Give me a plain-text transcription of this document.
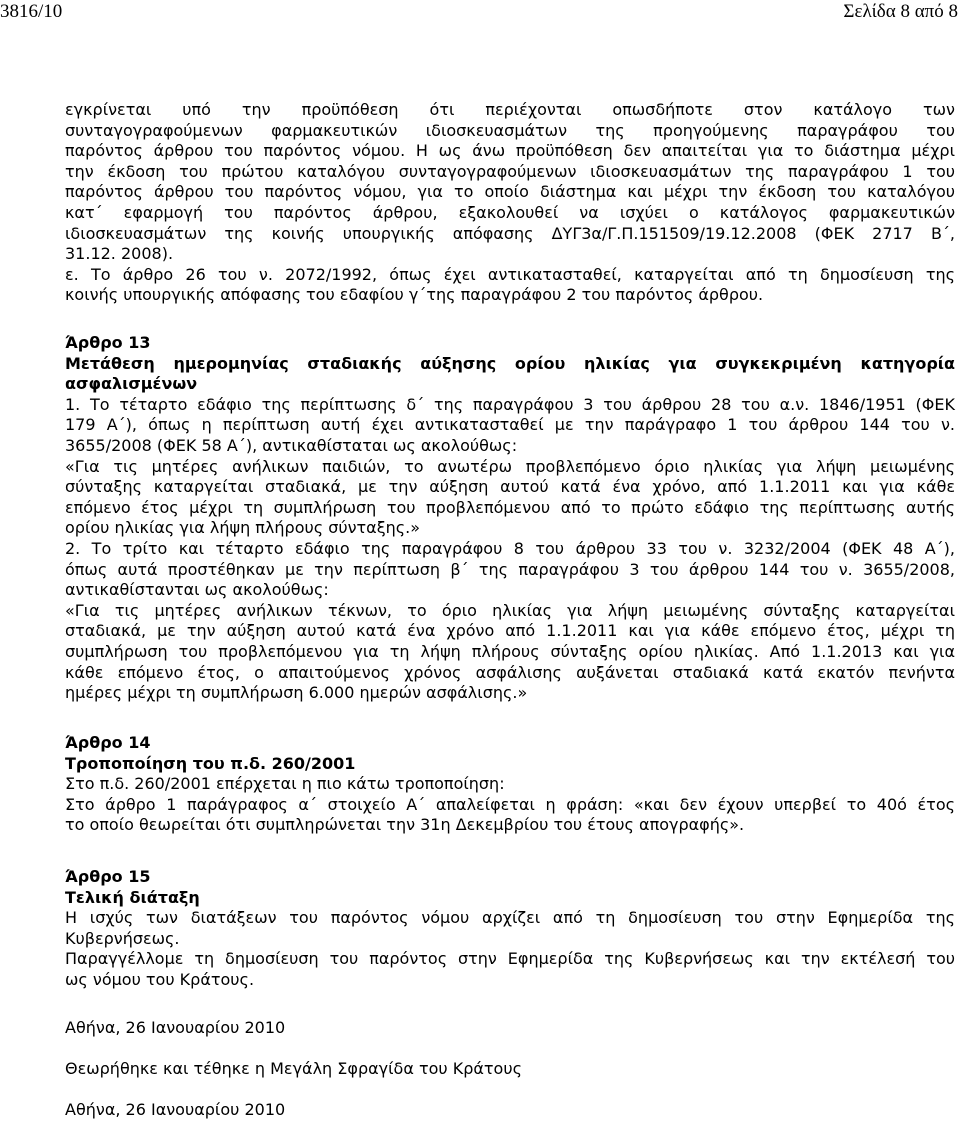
3816/10	Σελίδα 8 από 8
εγκρίνεται υπό την προϋπόθεση ότι περιέχονται οπωσδήποτε στον κατάλογο των
συνταγογραφούμενων φαρμακευτικών ιδιοσκευασμάτων της προηγούμενης παραγράφου του
παρόντος άρθρου του παρόντος νόμου. Η ως άνω προϋπόθεση δεν απαιτείται για το διάστημα μέχρι
την έκδοση του πρώτου καταλόγου συνταγογραφούμενων ιδιοσκευασμάτων της παραγράφου 1 του
παρόντος άρθρου του παρόντος νόμου, για το οποίο διάστημα και μέχρι την έκδοση του καταλόγου
κατ΄ εφαρμογή του παρόντος άρθρου, εξακολουθεί να ισχύει ο κατάλογος φαρμακευτικών
ιδιοσκευασμάτων της κοινής υπουργικής απόφασης ΔΥΓ3α/Γ.Π.151509/19.12.2008 (ΦΕΚ 2717 Β΄,
31.12. 2008).
ε. Το άρθρο 26 του ν. 2072/1992, όπως έχει αντικατασταθεί, καταργείται από τη δημοσίευση της
κοινής υπουργικής απόφασης του εδαφίου γ΄της παραγράφου 2 του παρόντος άρθρου.
Άρθρο 13
Μετάθεση ημερομηνίας σταδιακής αύξησης ορίου ηλικίας για συγκεκριμένη κατηγορία
ασφαλισμένων
1. Το τέταρτο εδάφιο της περίπτωσης δ΄ της παραγράφου 3 του άρθρου 28 του α.ν. 1846/1951 (ΦΕΚ
179 Α΄), όπως η περίπτωση αυτή έχει αντικατασταθεί με την παράγραφο 1 του άρθρου 144 του ν.
3655/2008 (ΦΕΚ 58 Α΄), αντικαθίσταται ως ακολούθως:
«Για τις μητέρες ανήλικων παιδιών, το ανωτέρω προβλεπόμενο όριο ηλικίας για λήψη μειωμένης
σύνταξης καταργείται σταδιακά, με την αύξηση αυτού κατά ένα χρόνο, από 1.1.2011 και για κάθε
επόμενο έτος μέχρι τη συμπλήρωση του προβλεπόμενου από το πρώτο εδάφιο της περίπτωσης αυτής
ορίου ηλικίας για λήψη πλήρους σύνταξης.»
2. Το τρίτο και τέταρτο εδάφιο της παραγράφου 8 του άρθρου 33 του ν. 3232/2004 (ΦΕΚ 48 Α΄),
όπως αυτά προστέθηκαν με την περίπτωση β΄ της παραγράφου 3 του άρθρου 144 του ν. 3655/2008,
αντικαθίστανται ως ακολούθως:
«Για τις μητέρες ανήλικων τέκνων, το όριο ηλικίας για λήψη μειωμένης σύνταξης καταργείται
σταδιακά, με την αύξηση αυτού κατά ένα χρόνο από 1.1.2011 και για κάθε επόμενο έτος, μέχρι τη
συμπλήρωση του προβλεπόμενου για τη λήψη πλήρους σύνταξης ορίου ηλικίας. Από 1.1.2013 και για
κάθε επόμενο έτος, ο απαιτούμενος χρόνος ασφάλισης αυξάνεται σταδιακά κατά εκατόν πενήντα
ημέρες μέχρι τη συμπλήρωση 6.000 ημερών ασφάλισης.»
Άρθρο 14
Τροποποίηση του π.δ. 260/2001
Στο π.δ. 260/2001 επέρχεται η πιο κάτω τροποποίηση:
Στο άρθρο 1 παράγραφος α΄ στοιχείο Α΄ απαλείφεται η φράση: «και δεν έχουν υπερβεί το 40ό έτος
το οποίο θεωρείται ότι συμπληρώνεται την 31η Δεκεμβρίου του έτους απογραφής».
Άρθρο 15
Τελική διάταξη
Η ισχύς των διατάξεων του παρόντος νόμου αρχίζει από τη δημοσίευση του στην Εφημερίδα της
Κυβερνήσεως.
Παραγγέλλομε τη δημοσίευση του παρόντος στην Εφημερίδα της Κυβερνήσεως και την εκτέλεσή του
ως νόμου του Κράτους.
Αθήνα, 26 Ιανουαρίου 2010
Θεωρήθηκε και τέθηκε η Μεγάλη Σφραγίδα του Κράτους
Αθήνα, 26 Ιανουαρίου 2010
